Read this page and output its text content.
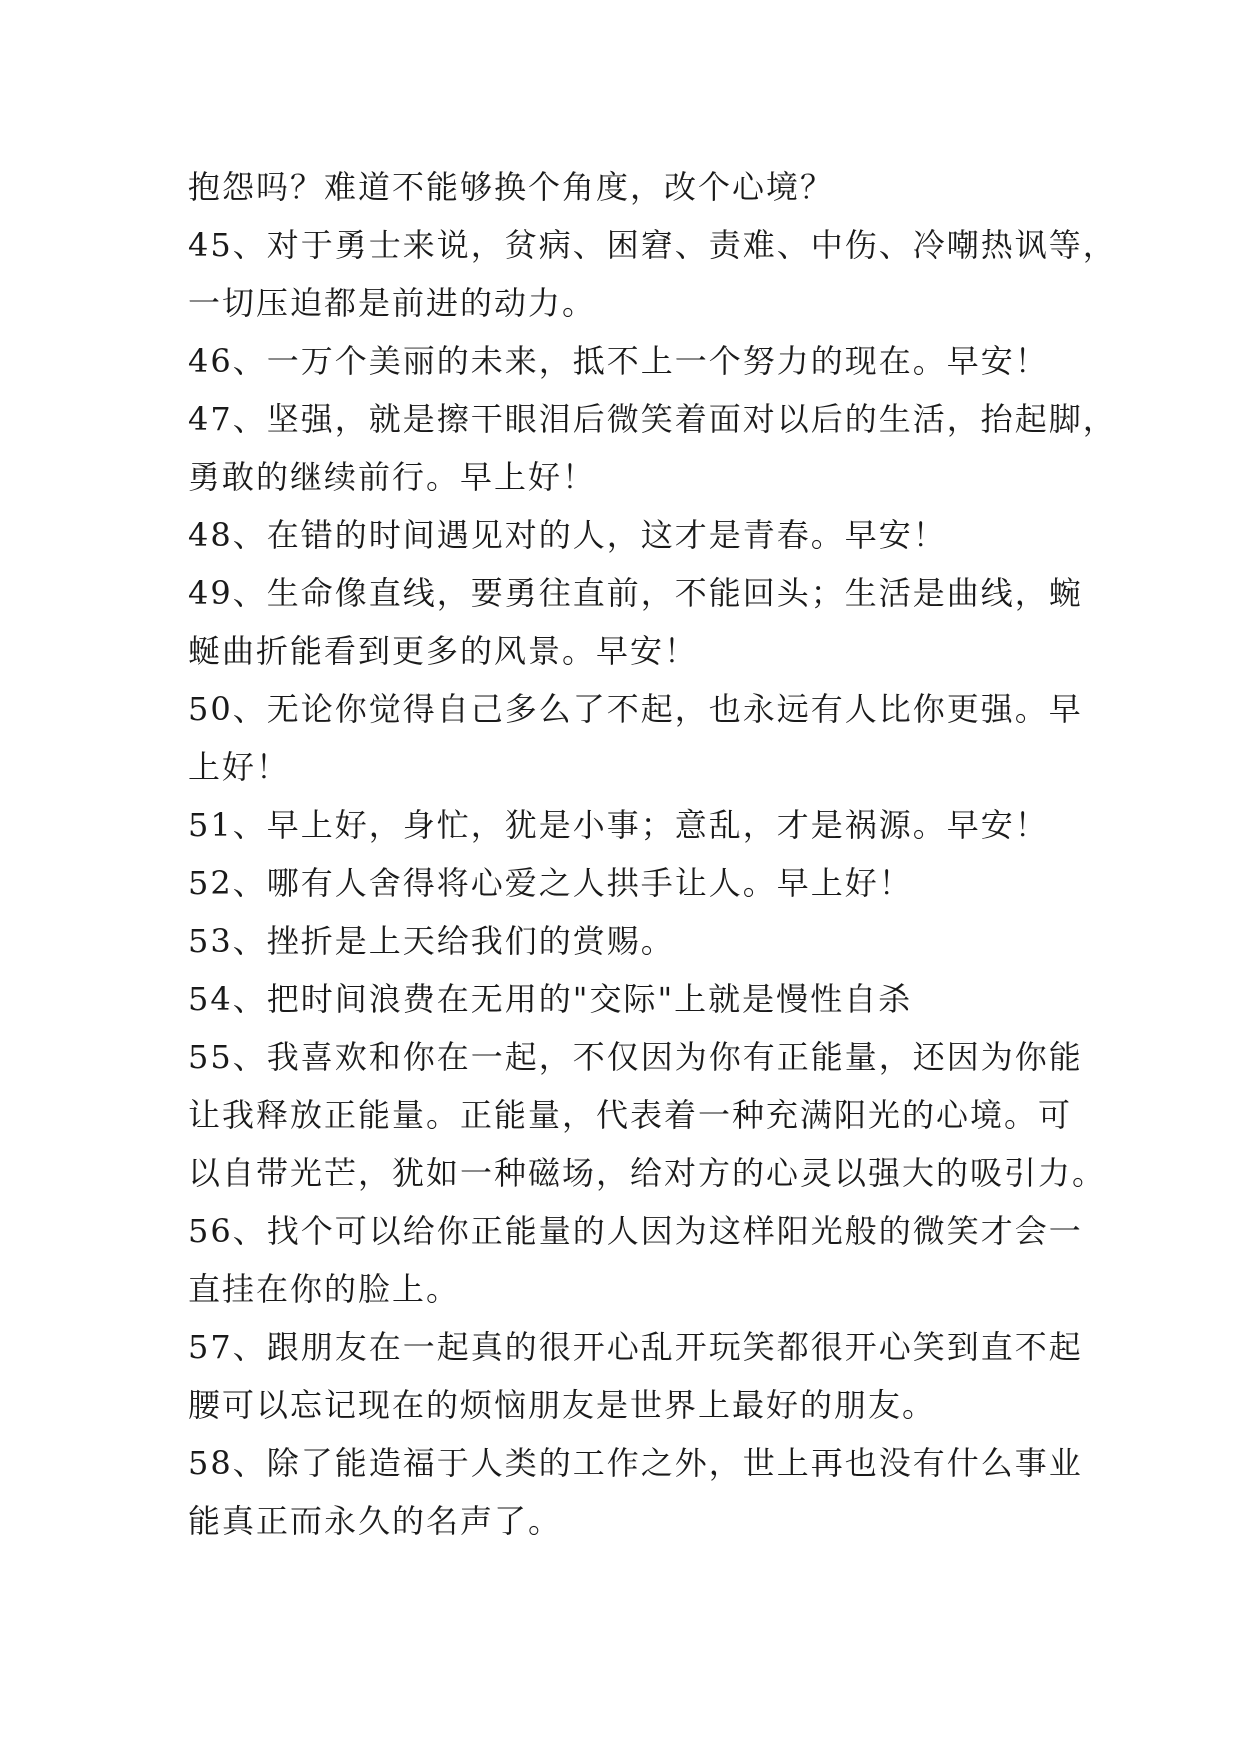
抱怨吗？难道不能够换个角度，改个心境？
45、对于勇士来说，贫病、困窘、责难、中伤、冷嘲热讽等，
一切压迫都是前进的动力。
46、一万个美丽的未来，抵不上一个努力的现在。早安！
47、坚强，就是擦干眼泪后微笑着面对以后的生活，抬起脚，
勇敢的继续前行。早上好！
48、在错的时间遇见对的人，这才是青春。早安！
49、生命像直线，要勇往直前，不能回头；生活是曲线，蜿
蜒曲折能看到更多的风景。早安！
50、无论你觉得自己多么了不起，也永远有人比你更强。早
上好！
51、早上好，身忙，犹是小事；意乱，才是祸源。早安！
52、哪有人舍得将心爱之人拱手让人。早上好！
53、挫折是上天给我们的赏赐。
54、把时间浪费在无用的"交际"上就是慢性自杀
55、我喜欢和你在一起，不仅因为你有正能量，还因为你能
让我释放正能量。正能量，代表着一种充满阳光的心境。可
以自带光芒，犹如一种磁场，给对方的心灵以强大的吸引力。
56、找个可以给你正能量的人因为这样阳光般的微笑才会一
直挂在你的脸上。
57、跟朋友在一起真的很开心乱开玩笑都很开心笑到直不起
腰可以忘记现在的烦恼朋友是世界上最好的朋友。
58、除了能造福于人类的工作之外，世上再也没有什么事业
能真正而永久的名声了。
